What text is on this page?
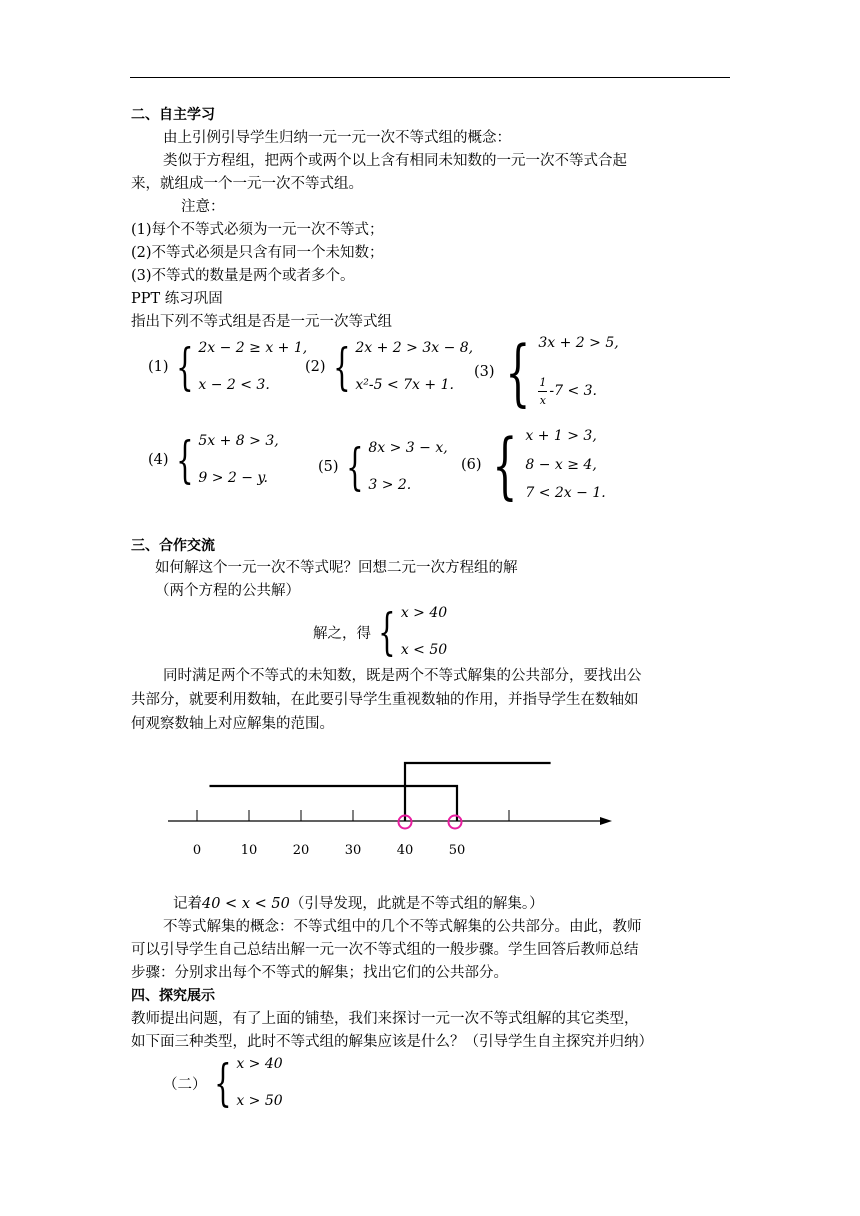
二、自主学习
由上引例引导学生归纳一元一元一次不等式组的概念：
类似于方程组，把两个或两个以上含有相同未知数的一元一次不等式合起
来，就组成一个一元一次不等式组。
注意：
(1)每个不等式必须为一元一次不等式；
(2)不等式必须是只含有同一个未知数；
(3)不等式的数量是两个或者多个。
PPT 练习巩固
指出下列不等式组是否是一元一次等式组
(1) { 2x − 2 ≥ x + 1,
x − 2 < 3.
(2) { 2x + 2 > 3x − 8,
x²-5 < 7x + 1.
(3) { 3x + 2 > 5,
$\frac{1}{x} -7 < 3$.
(4) { 5x + 8 > 3,
9 > 2 − y.
(5) { 8x > 3 − x,
3 > 2.
(6) { x + 1 > 3,
8 − x ≥ 4,
7 < 2x − 1.
三、合作交流
如何解这个一元一次不等式呢？回想二元一次方程组的解
（两个方程的公共解）
解之，得 { x > 40
x < 50
同时满足两个不等式的未知数，既是两个不等式解集的公共部分，要找出公
共部分，就要利用数轴，在此要引导学生重视数轴的作用，并指导学生在数轴如
何观察数轴上对应解集的范围。
0	10	20	30	40	50
记着40 < x < 50（引导发现，此就是不等式组的解集。）
不等式解集的概念：不等式组中的几个不等式解集的公共部分。由此，教师
可以引导学生自己总结出解一元一次不等式组的一般步骤。学生回答后教师总结
步骤：分别求出每个不等式的解集；找出它们的公共部分。
四、探究展示
教师提出问题，有了上面的铺垫，我们来探讨一元一次不等式组解的其它类型，
如下面三种类型，此时不等式组的解集应该是什么？（引导学生自主探究并归纳）
（二） { x > 40
x > 50
